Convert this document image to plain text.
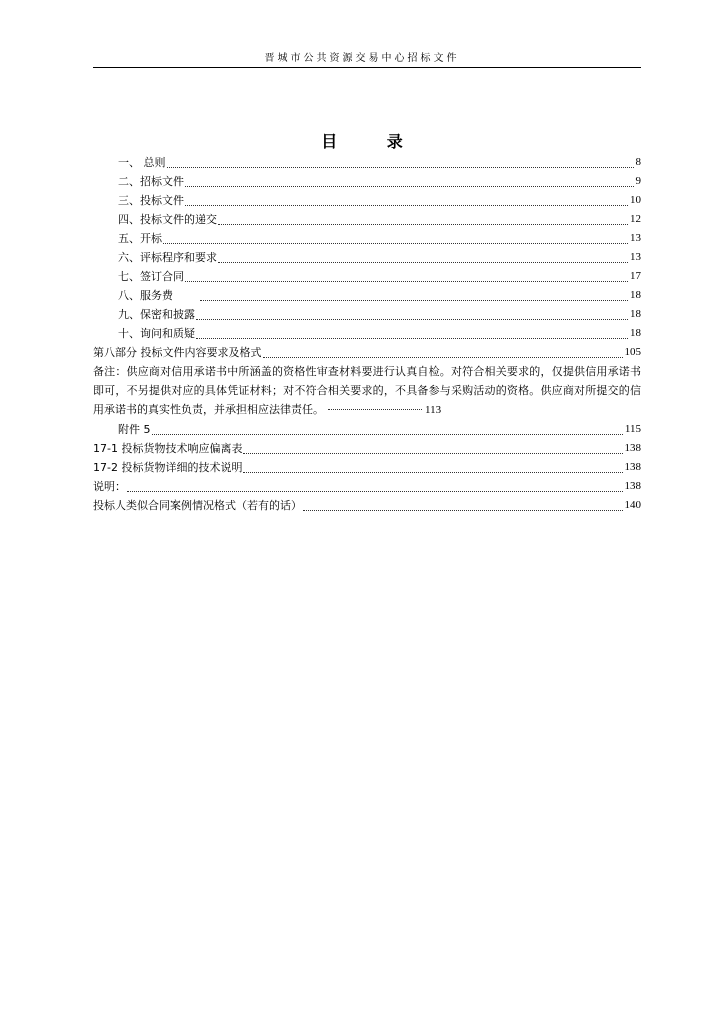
晋城市公共资源交易中心招标文件
目 录
一、 总则	8
二、招标文件	9
三、投标文件	10
四、投标文件的递交	12
五、开标	13
六、评标程序和要求	13
七、签订合同	17
八、服务费	18
九、保密和披露	18
十、询问和质疑	18
第八部分 投标文件内容要求及格式	105
备注：供应商对信用承诺书中所涵盖的资格性审查材料要进行认真自检。对符合相关要求的，仅提供信用承诺书即可，不另提供对应的具体凭证材料；对不符合相关要求的，不具备参与采购活动的资格。供应商对所提交的信用承诺书的真实性负责，并承担相应法律责任。	113
附件 5	115
17-1 投标货物技术响应偏离表	138
17-2 投标货物详细的技术说明	138
说明：	138
投标人类似合同案例情况格式（若有的话）	140
